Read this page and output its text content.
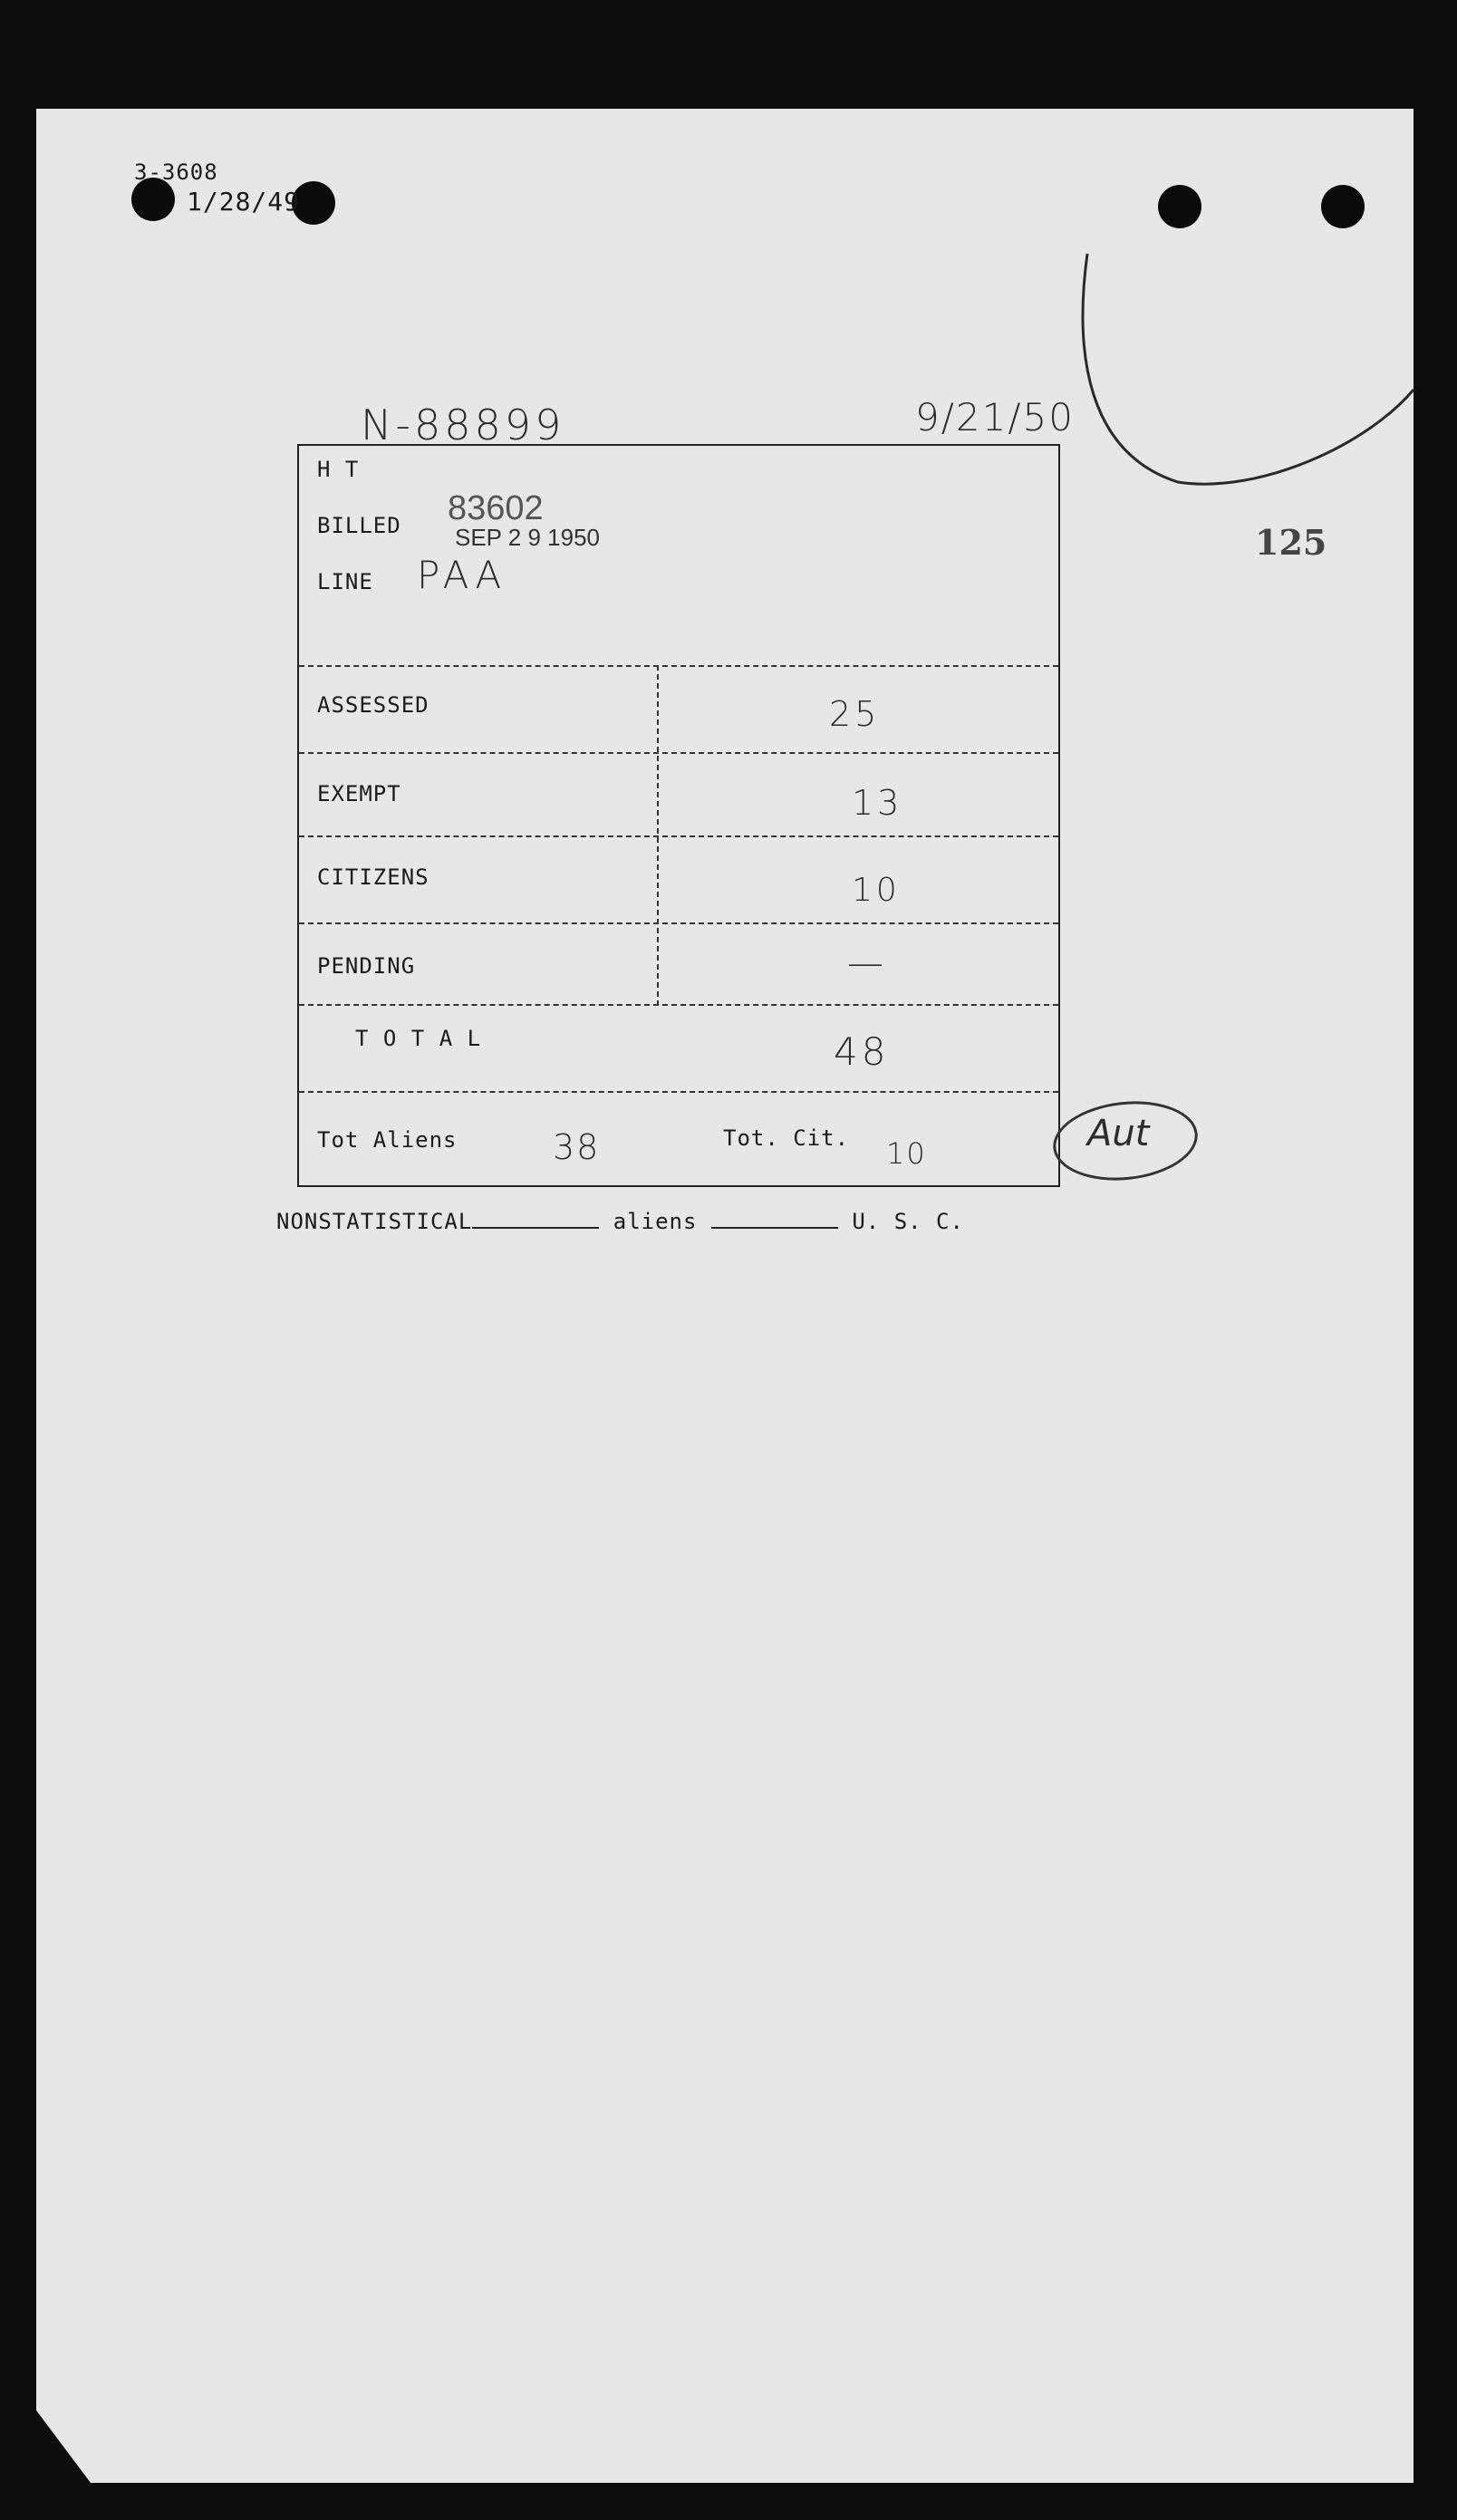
3-3608
1/28/49
N-88899	9/21/50
125
H T
BILLED 83602
SEP 2 9 1950
LINE PAA
ASSESSED	25
EXEMPT	13
CITIZENS	10
PENDING	—
T O T A L	48
Tot Aliens	38	Tot. Cit. 10	Aut
NONSTATISTICAL	aliens	U. S. C.
